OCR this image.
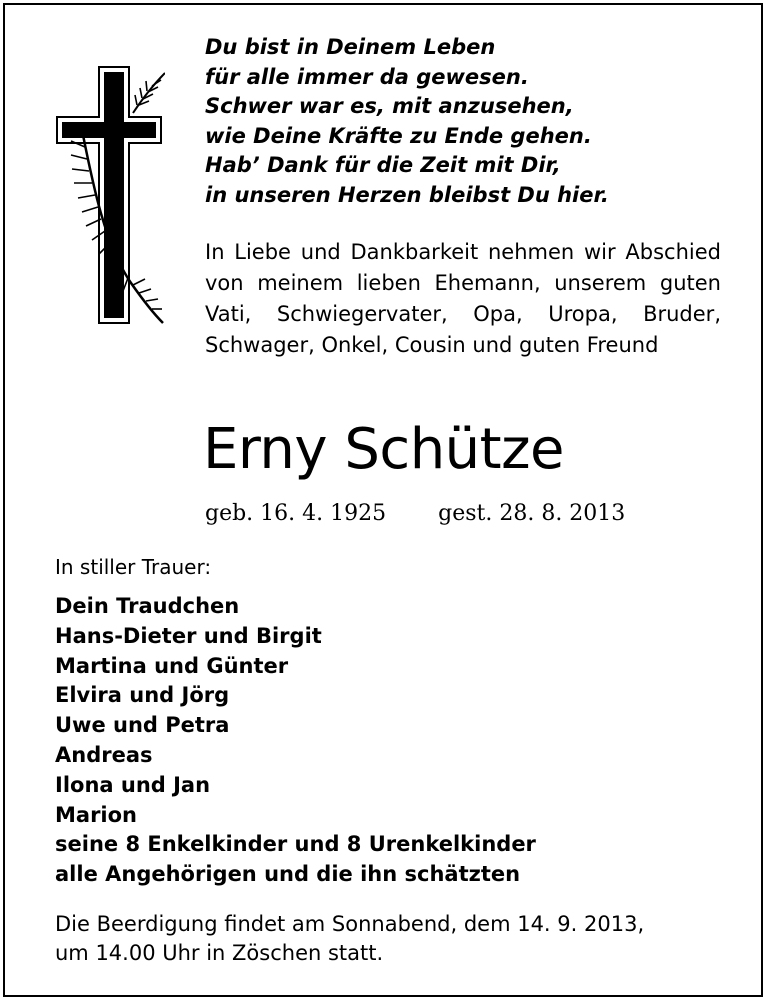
Du bist in Deinem Leben
für alle immer da gewesen.
Schwer war es, mit anzusehen,
wie Deine Kräfte zu Ende gehen.
Hab’ Dank für die Zeit mit Dir,
in unseren Herzen bleibst Du hier.
In Liebe und Dankbarkeit nehmen wir Abschied von meinem lieben Ehemann, unserem guten Vati, Schwiegervater, Opa, Uropa, Bruder, Schwager, Onkel, Cousin und guten Freund
Erny Schütze
geb. 16. 4. 1925 gest. 28. 8. 2013
In stiller Trauer:
Dein Traudchen
Hans-Dieter und Birgit
Martina und Günter
Elvira und Jörg
Uwe und Petra
Andreas
Ilona und Jan
Marion
seine 8 Enkelkinder und 8 Urenkelkinder
alle Angehörigen und die ihn schätzten
Die Beerdigung findet am Sonnabend, dem 14. 9. 2013,
um 14.00 Uhr in Zöschen statt.
